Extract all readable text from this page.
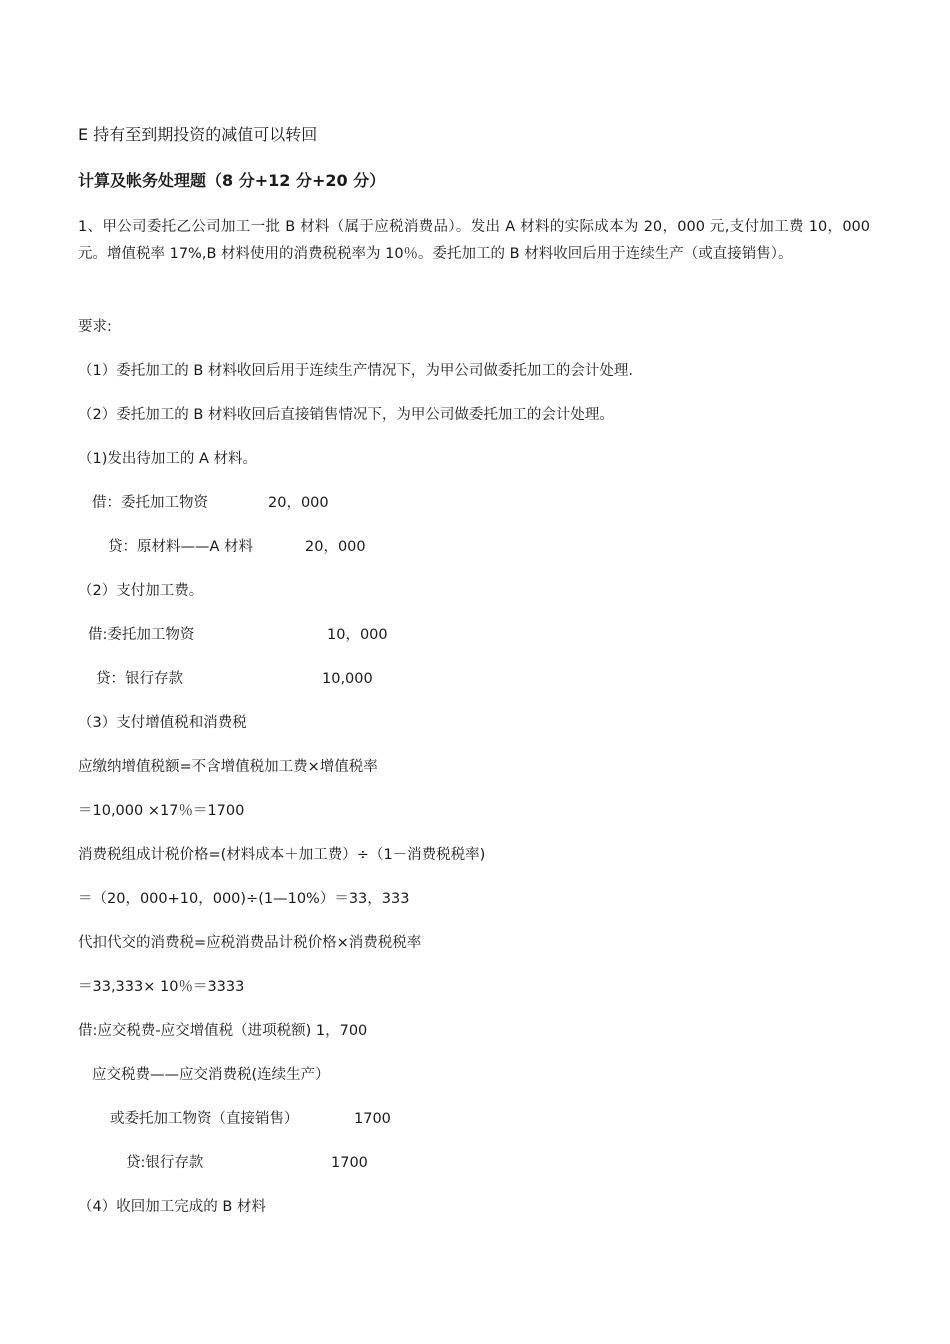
E 持有至到期投资的减值可以转回

计算及帐务处理题（8 分+12 分+20 分）

1、甲公司委托乙公司加工一批 B 材料（属于应税消费品）。发出 A 材料的实际成本为 20，000 元,支付加工费 10，000 元。增值税率 17%,B 材料使用的消费税税率为 10％。委托加工的 B 材料收回后用于连续生产（或直接销售）。

要求:

（1）委托加工的 B 材料收回后用于连续生产情况下，为甲公司做委托加工的会计处理.

（2）委托加工的 B 材料收回后直接销售情况下，为甲公司做委托加工的会计处理。

（1)发出待加工的 A 材料。

借：委托加工物资	20，000
贷：原材料——A 材料	20，000

（2）支付加工费。

借:委托加工物资	10，000
贷：银行存款	10,000

（3）支付增值税和消费税

应缴纳增值税额=不含增值税加工费×增值税率

＝10,000 ×17％＝1700

消费税组成计税价格=(材料成本＋加工费）÷（1－消费税税率)

＝（20，000+10，000)÷(1—10%）＝33，333

代扣代交的消费税=应税消费品计税价格×消费税税率

＝33,333× 10％＝3333

借:应交税费-应交增值税（进项税额) 1，700

应交税费——应交消费税(连续生产）
或委托加工物资（直接销售）	1700
贷:银行存款	1700

（4）收回加工完成的 B 材料
